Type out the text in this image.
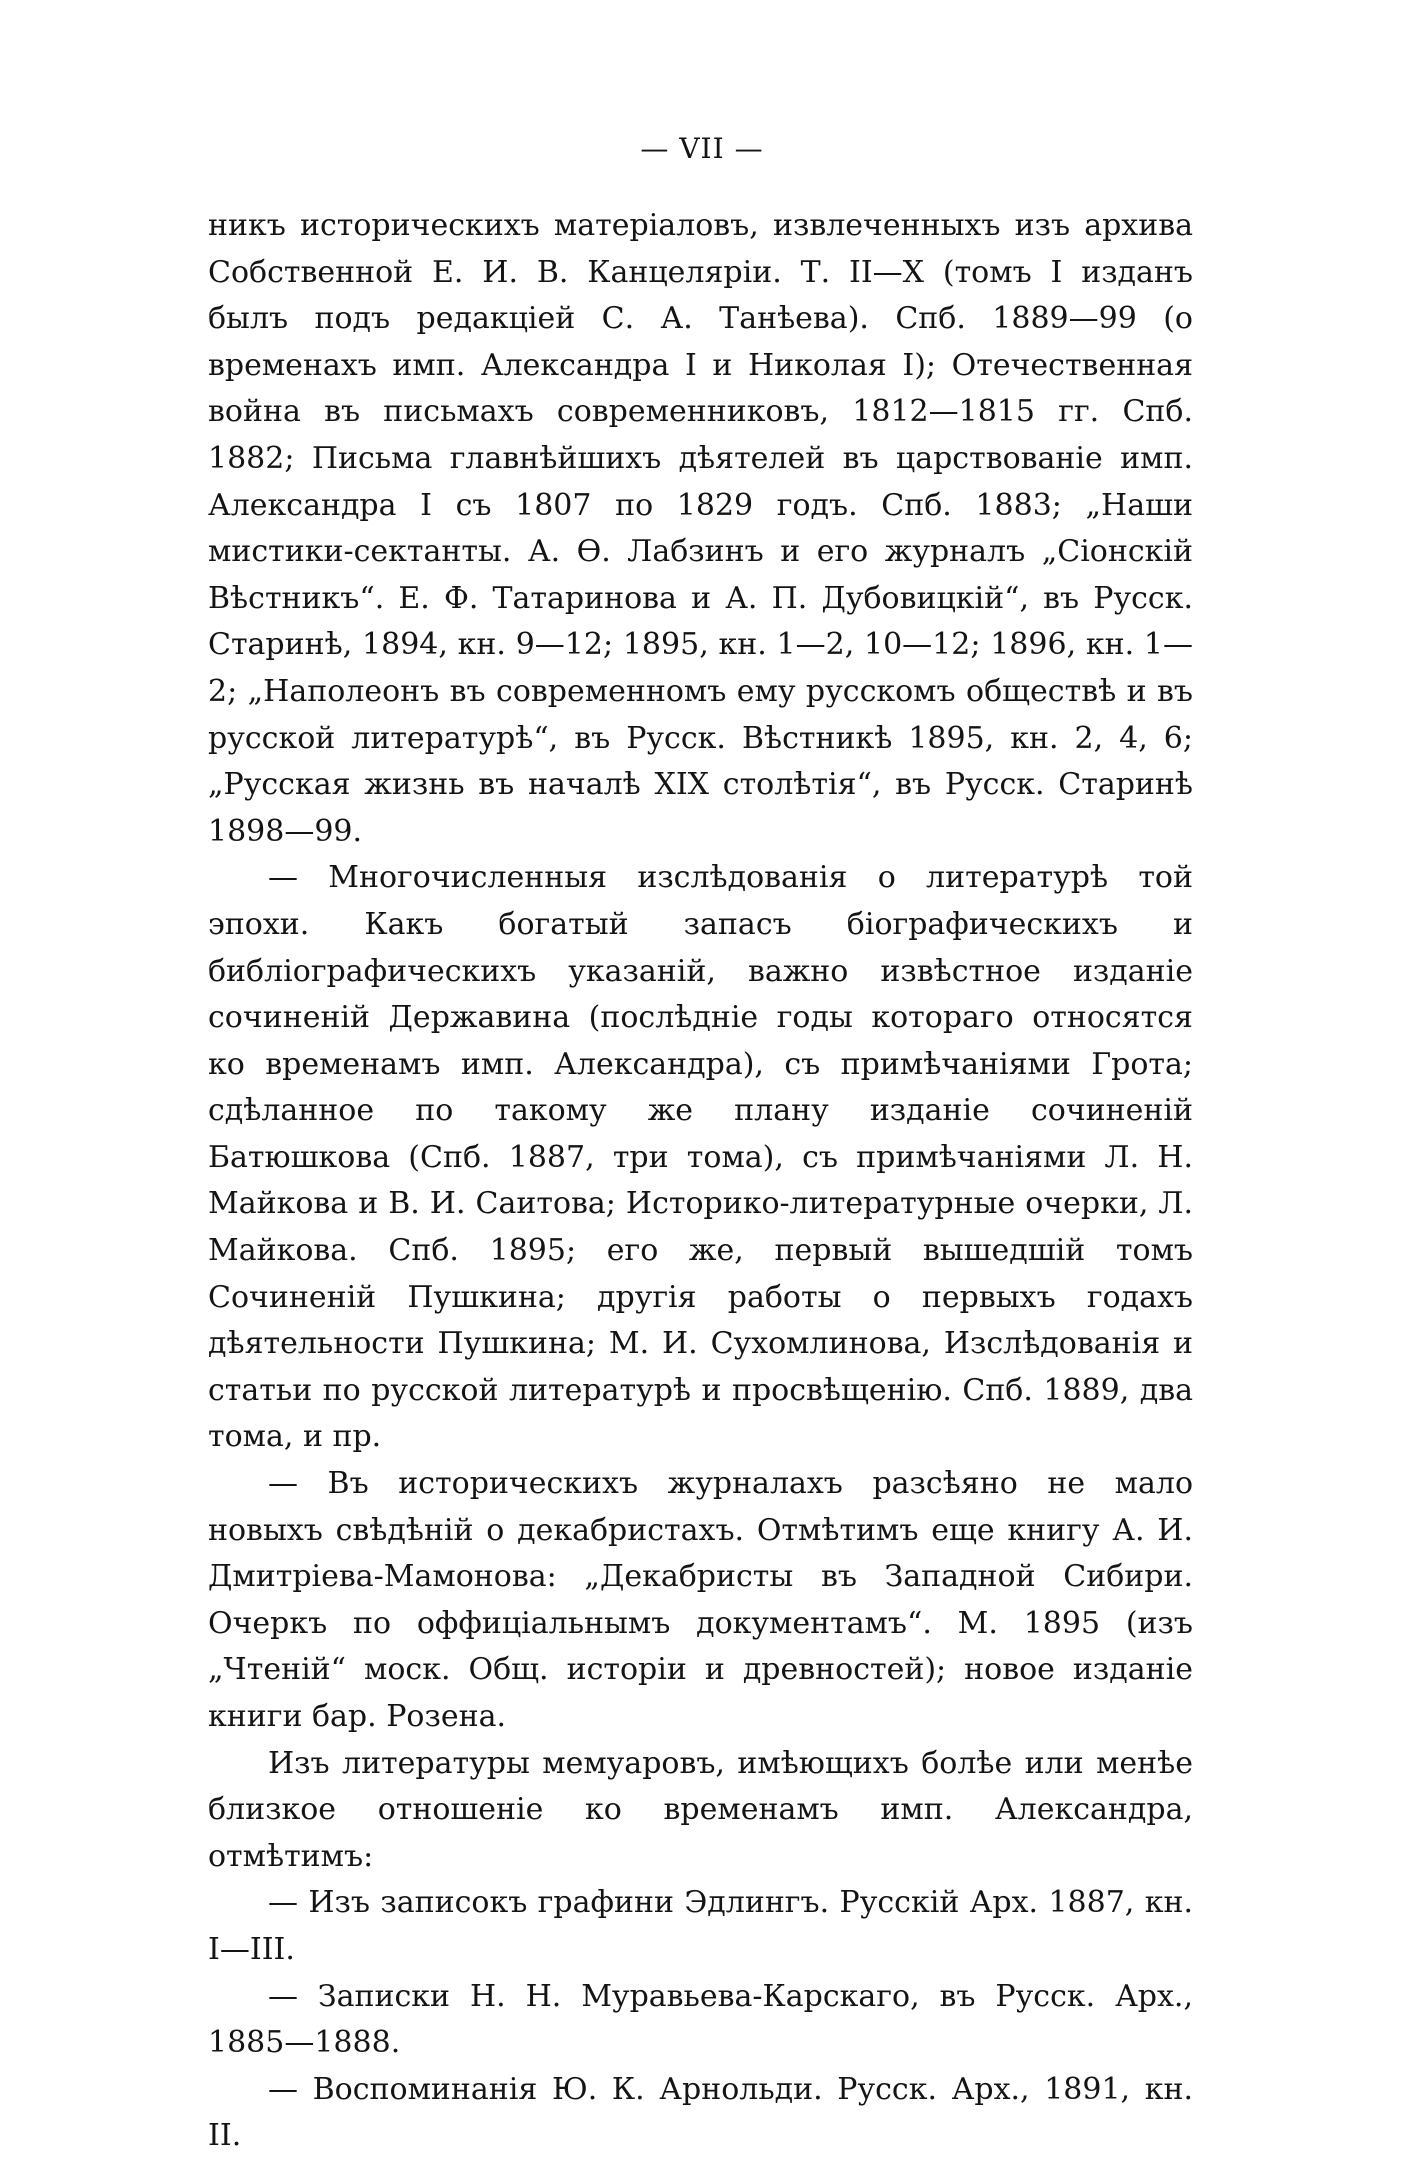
— VII —

никъ историческихъ матеріаловъ, извлеченныхъ изъ архива Собственной Е. И. В. Канцеляріи. Т. II—X (томъ I изданъ былъ подъ редакціей С. А. Танѣева). Спб. 1889—99 (о временахъ имп. Александра I и Николая I); Отечественная война въ письмахъ современниковъ, 1812—1815 гг. Спб. 1882; Письма главнѣйшихъ дѣятелей въ царствованіе имп. Александра I съ 1807 по 1829 годъ. Спб. 1883; „Наши мистики-сектанты. А. Ѳ. Лабзинъ и его журналъ „Сіонскій Вѣстникъ“. Е. Ф. Татаринова и А. П. Дубовицкій“, въ Русск. Старинѣ, 1894, кн. 9—12; 1895, кн. 1—2, 10—12; 1896, кн. 1—2; „Наполеонъ въ современномъ ему русскомъ обществѣ и въ русской литературѣ“, въ Русск. Вѣстникѣ 1895, кн. 2, 4, 6; „Русская жизнь въ началѣ XIX столѣтія“, въ Русск. Старинѣ 1898—99.

— Многочисленныя изслѣдованія о литературѣ той эпохи. Какъ богатый запасъ біографическихъ и библіографическихъ указаній, важно извѣстное изданіе сочиненій Державина (послѣдніе годы котораго относятся ко временамъ имп. Александра), съ примѣчаніями Грота; сдѣланное по такому же плану изданіе сочиненій Батюшкова (Спб. 1887, три тома), съ примѣчаніями Л. Н. Майкова и В. И. Саитова; Историко-литературные очерки, Л. Майкова. Спб. 1895; его же, первый вышедшій томъ Сочиненій Пушкина; другія работы о первыхъ годахъ дѣятельности Пушкина; М. И. Сухомлинова, Изслѣдованія и статьи по русской литературѣ и просвѣщенію. Спб. 1889, два тома, и пр.

— Въ историческихъ журналахъ разсѣяно не мало новыхъ свѣдѣній о декабристахъ. Отмѣтимъ еще книгу А. И. Дмитріева-Мамонова: „Декабристы въ Западной Сибири. Очеркъ по оффиціальнымъ документамъ“. М. 1895 (изъ „Чтеній“ моск. Общ. исторіи и древностей); новое изданіе книги бар. Розена.

Изъ литературы мемуаровъ, имѣющихъ болѣе или менѣе близкое отношеніе ко временамъ имп. Александра, отмѣтимъ:

— Изъ записокъ графини Эдлингъ. Русскій Арх. 1887, кн. I—III.

— Записки Н. Н. Муравьева-Карскаго, въ Русск. Арх., 1885—1888.

— Воспоминанія Ю. К. Арнольди. Русск. Арх., 1891, кн. II.
